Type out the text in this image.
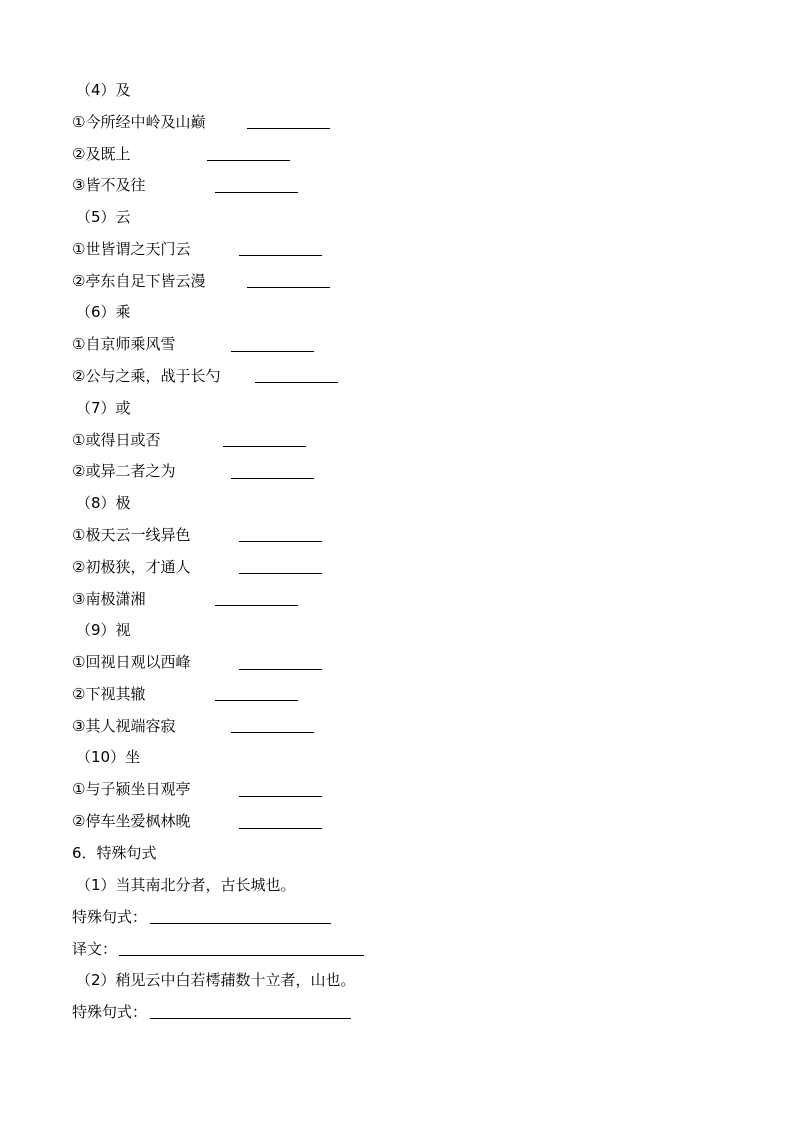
（4）及
①今所经中岭及山巅
②及既上
③皆不及往
（5）云
①世皆谓之天门云
②亭东自足下皆云漫
（6）乘
①自京师乘风雪
②公与之乘，战于长勺
（7）或
①或得日或否
②或异二者之为
（8）极
①极天云一线异色
②初极狭，才通人
③南极潇湘
（9）视
①回视日观以西峰
②下视其辙
③其人视端容寂
（10）坐
①与子颍坐日观亭
②停车坐爱枫林晚
6．特殊句式
（1）当其南北分者，古长城也。
特殊句式：
译文：
（2）稍见云中白若樗蒱数十立者，山也。
特殊句式：
